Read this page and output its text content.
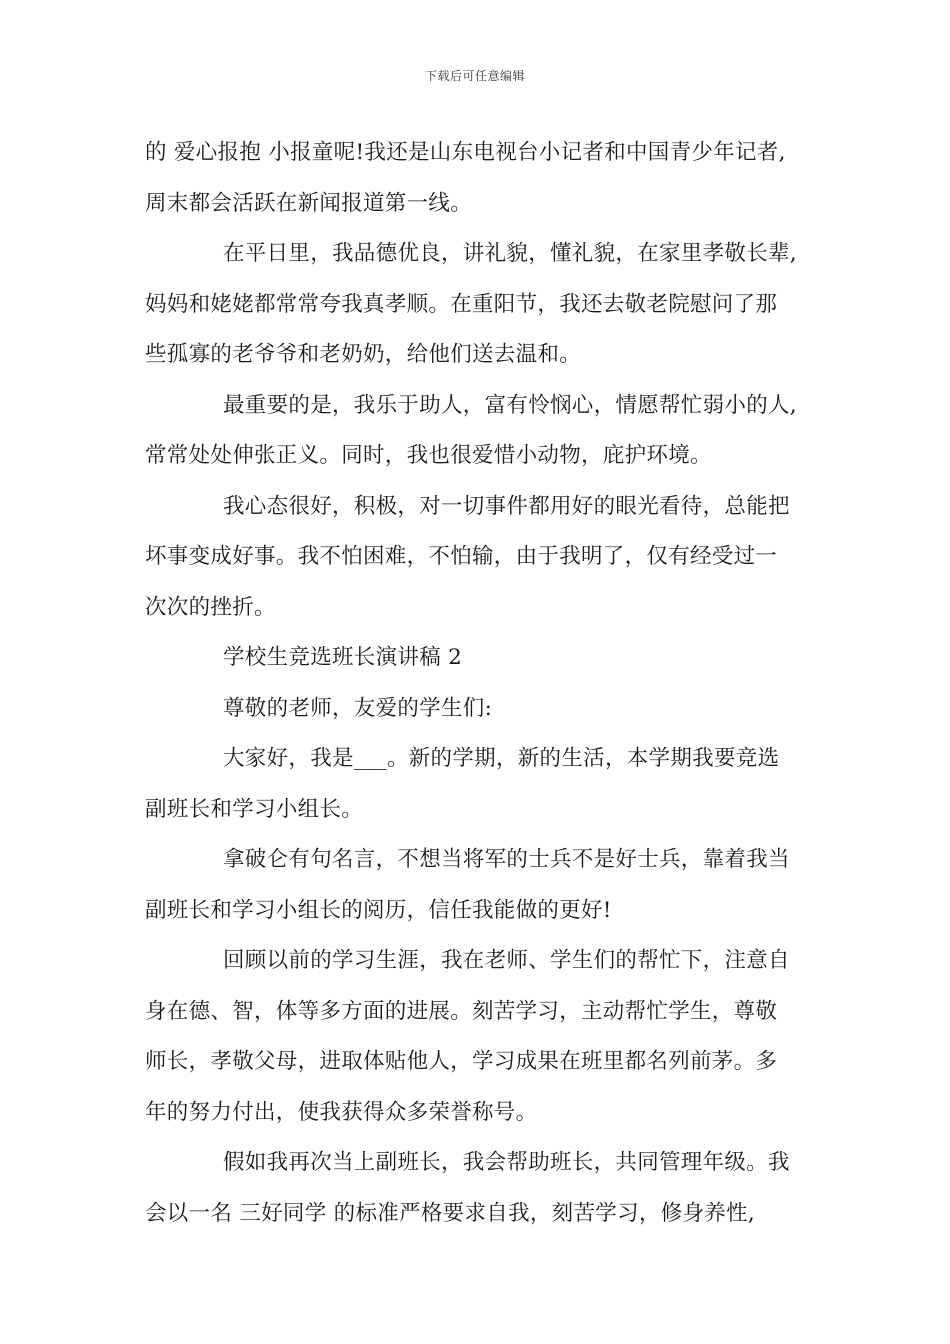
下载后可任意编辑
的 爱心报抱 小报童呢!我还是山东电视台小记者和中国青少年记者,
周末都会活跃在新闻报道第一线。
在平日里，我品德优良，讲礼貌，懂礼貌，在家里孝敬长辈,
妈妈和姥姥都常常夸我真孝顺。在重阳节，我还去敬老院慰问了那
些孤寡的老爷爷和老奶奶，给他们送去温和。
最重要的是，我乐于助人，富有怜悯心，情愿帮忙弱小的人,
常常处处伸张正义。同时，我也很爱惜小动物，庇护环境。
我心态很好，积极，对一切事件都用好的眼光看待，总能把
坏事变成好事。我不怕困难，不怕输，由于我明了，仅有经受过一
次次的挫折。
学校生竞选班长演讲稿 2
尊敬的老师，友爱的学生们:
大家好，我是___。新的学期，新的生活，本学期我要竞选
副班长和学习小组长。
拿破仑有句名言，不想当将军的士兵不是好士兵，靠着我当
副班长和学习小组长的阅历，信任我能做的更好!
回顾以前的学习生涯，我在老师、学生们的帮忙下，注意自
身在德、智，体等多方面的进展。刻苦学习，主动帮忙学生，尊敬
师长，孝敬父母，进取体贴他人，学习成果在班里都名列前茅。多
年的努力付出，使我获得众多荣誉称号。
假如我再次当上副班长，我会帮助班长，共同管理年级。我
会以一名 三好同学 的标准严格要求自我，刻苦学习，修身养性,
